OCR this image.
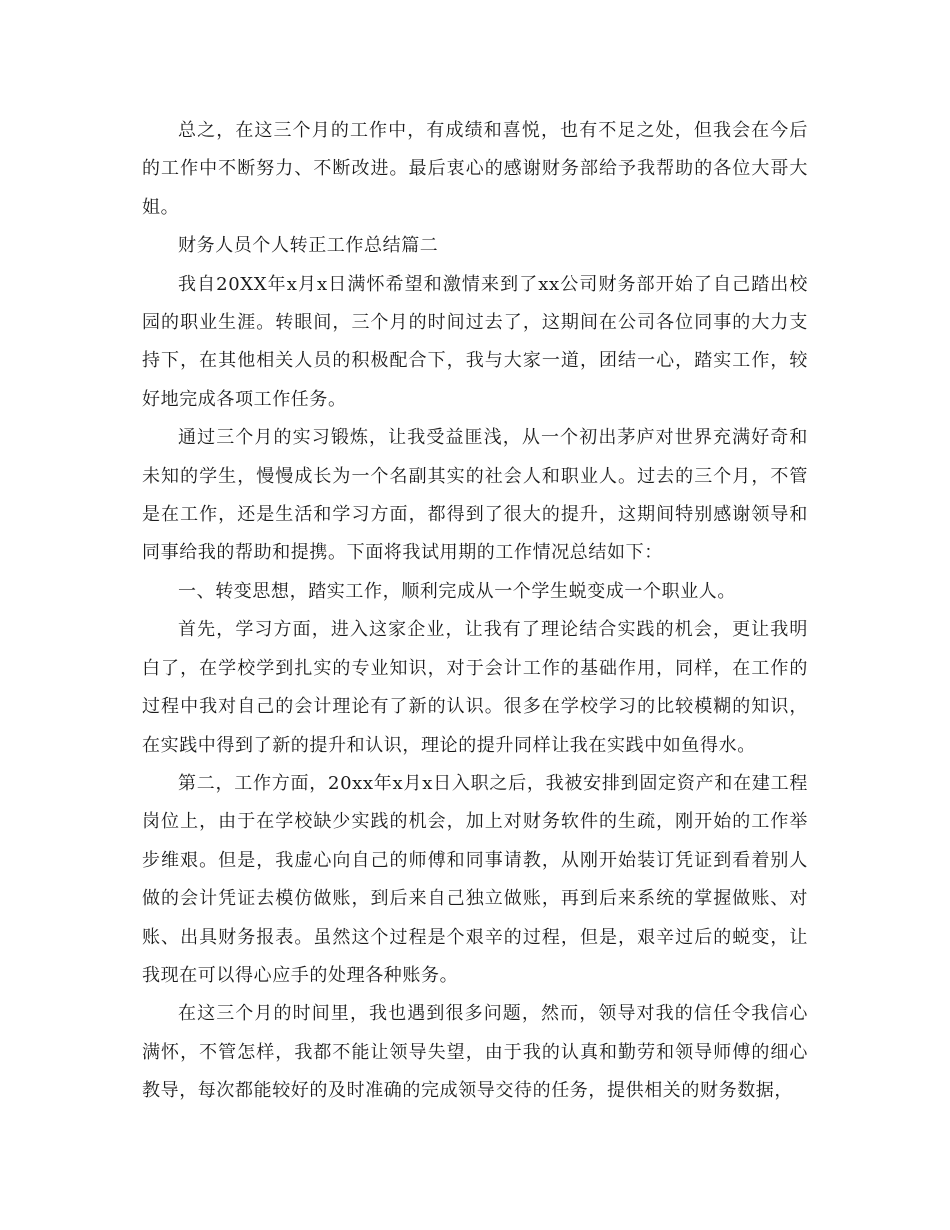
总之，在这三个月的工作中，有成绩和喜悦，也有不足之处，但我会在今后的工作中不断努力、不断改进。最后衷心的感谢财务部给予我帮助的各位大哥大姐。

财务人员个人转正工作总结篇二

我自20XX年x月x日满怀希望和激情来到了xx公司财务部开始了自己踏出校园的职业生涯。转眼间，三个月的时间过去了，这期间在公司各位同事的大力支持下，在其他相关人员的积极配合下，我与大家一道，团结一心，踏实工作，较好地完成各项工作任务。

通过三个月的实习锻炼，让我受益匪浅，从一个初出茅庐对世界充满好奇和未知的学生，慢慢成长为一个名副其实的社会人和职业人。过去的三个月，不管是在工作，还是生活和学习方面，都得到了很大的提升，这期间特别感谢领导和同事给我的帮助和提携。下面将我试用期的工作情况总结如下：

一、转变思想，踏实工作，顺利完成从一个学生蜕变成一个职业人。

首先，学习方面，进入这家企业，让我有了理论结合实践的机会，更让我明白了，在学校学到扎实的专业知识，对于会计工作的基础作用，同样，在工作的过程中我对自己的会计理论有了新的认识。很多在学校学习的比较模糊的知识，在实践中得到了新的提升和认识，理论的提升同样让我在实践中如鱼得水。

第二，工作方面，20xx年x月x日入职之后，我被安排到固定资产和在建工程岗位上，由于在学校缺少实践的机会，加上对财务软件的生疏，刚开始的工作举步维艰。但是，我虚心向自己的师傅和同事请教，从刚开始装订凭证到看着别人做的会计凭证去模仿做账，到后来自己独立做账，再到后来系统的掌握做账、对账、出具财务报表。虽然这个过程是个艰辛的过程，但是，艰辛过后的蜕变，让我现在可以得心应手的处理各种账务。

在这三个月的时间里，我也遇到很多问题，然而，领导对我的信任令我信心满怀，不管怎样，我都不能让领导失望，由于我的认真和勤劳和领导师傅的细心教导，每次都能较好的及时准确的完成领导交待的任务，提供相关的财务数据，
